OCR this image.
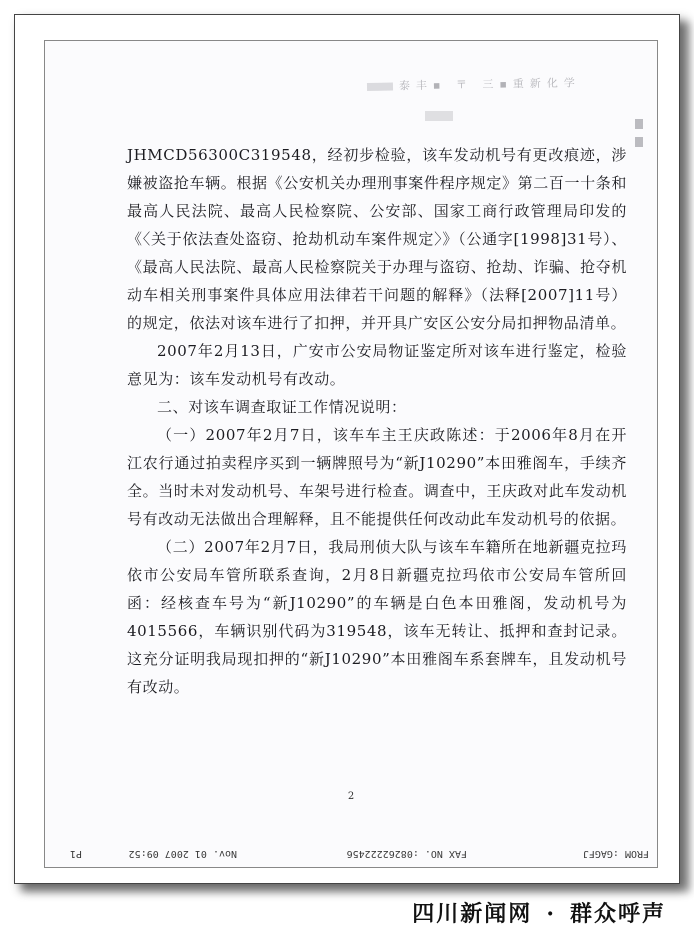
泰丰▪ 〒 三▪重新化学

JHMCD56300C319548，经初步检验，该车发动机号有更改痕迹，涉嫌被盗抢车辆。根据《公安机关办理刑事案件程序规定》第二百一十条和最高人民法院、最高人民检察院、公安部、国家工商行政管理局印发的《〈关于依法查处盗窃、抢劫机动车案件规定〉》（公通字[1998]31号）、《最高人民法院、最高人民检察院关于办理与盗窃、抢劫、诈骗、抢夺机动车相关刑事案件具体应用法律若干问题的解释》（法释[2007]11号）的规定，依法对该车进行了扣押，并开具广安区公安分局扣押物品清单。

2007年2月13日，广安市公安局物证鉴定所对该车进行鉴定，检验意见为：该车发动机号有改动。

二、对该车调查取证工作情况说明：

（一）2007年2月7日，该车车主王庆政陈述：于2006年8月在开江农行通过拍卖程序买到一辆牌照号为“新J10290”本田雅阁车，手续齐全。当时未对发动机号、车架号进行检查。调查中，王庆政对此车发动机号有改动无法做出合理解释，且不能提供任何改动此车发动机号的依据。

（二）2007年2月7日，我局刑侦大队与该车车籍所在地新疆克拉玛依市公安局车管所联系查询，2月8日新疆克拉玛依市公安局车管所回函：经核查车号为“新J10290”的车辆是白色本田雅阁，发动机号为4015566，车辆识别代码为319548，该车无转让、抵押和查封记录。这充分证明我局现扣押的“新J10290”本田雅阁车系套牌车，且发动机号有改动。

2
FROM :GAGFJ
FAX NO. :08262222456
Nov. 01 2007 09:52
P1
四川新闻网 · 群众呼声
